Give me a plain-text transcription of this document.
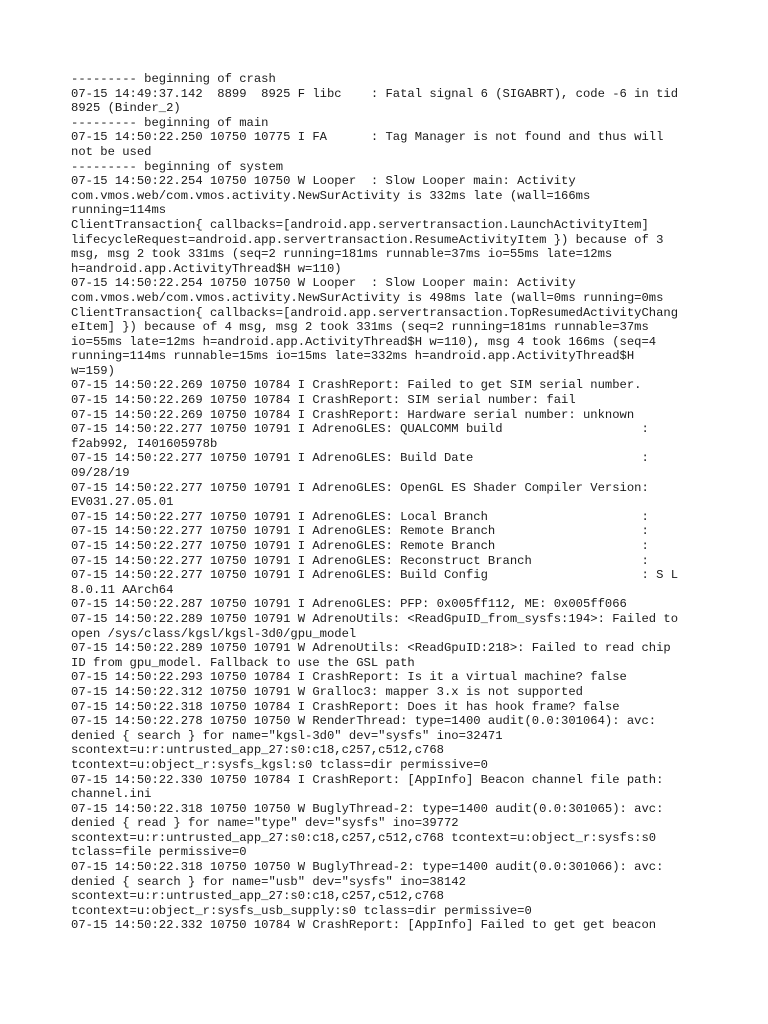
--------- beginning of crash
07-15 14:49:37.142  8899  8925 F libc    : Fatal signal 6 (SIGABRT), code -6 in tid
8925 (Binder_2)
--------- beginning of main
07-15 14:50:22.250 10750 10775 I FA      : Tag Manager is not found and thus will
not be used
--------- beginning of system
07-15 14:50:22.254 10750 10750 W Looper  : Slow Looper main: Activity
com.vmos.web/com.vmos.activity.NewSurActivity is 332ms late (wall=166ms
running=114ms
ClientTransaction{ callbacks=[android.app.servertransaction.LaunchActivityItem]
lifecycleRequest=android.app.servertransaction.ResumeActivityItem }) because of 3
msg, msg 2 took 331ms (seq=2 running=181ms runnable=37ms io=55ms late=12ms
h=android.app.ActivityThread$H w=110)
07-15 14:50:22.254 10750 10750 W Looper  : Slow Looper main: Activity
com.vmos.web/com.vmos.activity.NewSurActivity is 498ms late (wall=0ms running=0ms
ClientTransaction{ callbacks=[android.app.servertransaction.TopResumedActivityChang
eItem] }) because of 4 msg, msg 2 took 331ms (seq=2 running=181ms runnable=37ms
io=55ms late=12ms h=android.app.ActivityThread$H w=110), msg 4 took 166ms (seq=4
running=114ms runnable=15ms io=15ms late=332ms h=android.app.ActivityThread$H
w=159)
07-15 14:50:22.269 10750 10784 I CrashReport: Failed to get SIM serial number.
07-15 14:50:22.269 10750 10784 I CrashReport: SIM serial number: fail
07-15 14:50:22.269 10750 10784 I CrashReport: Hardware serial number: unknown
07-15 14:50:22.277 10750 10791 I AdrenoGLES: QUALCOMM build                   :
f2ab992, I401605978b
07-15 14:50:22.277 10750 10791 I AdrenoGLES: Build Date                       :
09/28/19
07-15 14:50:22.277 10750 10791 I AdrenoGLES: OpenGL ES Shader Compiler Version:
EV031.27.05.01
07-15 14:50:22.277 10750 10791 I AdrenoGLES: Local Branch                     :
07-15 14:50:22.277 10750 10791 I AdrenoGLES: Remote Branch                    :
07-15 14:50:22.277 10750 10791 I AdrenoGLES: Remote Branch                    :
07-15 14:50:22.277 10750 10791 I AdrenoGLES: Reconstruct Branch               :
07-15 14:50:22.277 10750 10791 I AdrenoGLES: Build Config                     : S L
8.0.11 AArch64
07-15 14:50:22.287 10750 10791 I AdrenoGLES: PFP: 0x005ff112, ME: 0x005ff066
07-15 14:50:22.289 10750 10791 W AdrenoUtils: <ReadGpuID_from_sysfs:194>: Failed to
open /sys/class/kgsl/kgsl-3d0/gpu_model
07-15 14:50:22.289 10750 10791 W AdrenoUtils: <ReadGpuID:218>: Failed to read chip
ID from gpu_model. Fallback to use the GSL path
07-15 14:50:22.293 10750 10784 I CrashReport: Is it a virtual machine? false
07-15 14:50:22.312 10750 10791 W Gralloc3: mapper 3.x is not supported
07-15 14:50:22.318 10750 10784 I CrashReport: Does it has hook frame? false
07-15 14:50:22.278 10750 10750 W RenderThread: type=1400 audit(0.0:301064): avc:
denied { search } for name="kgsl-3d0" dev="sysfs" ino=32471
scontext=u:r:untrusted_app_27:s0:c18,c257,c512,c768
tcontext=u:object_r:sysfs_kgsl:s0 tclass=dir permissive=0
07-15 14:50:22.330 10750 10784 I CrashReport: [AppInfo] Beacon channel file path:
channel.ini
07-15 14:50:22.318 10750 10750 W BuglyThread-2: type=1400 audit(0.0:301065): avc:
denied { read } for name="type" dev="sysfs" ino=39772
scontext=u:r:untrusted_app_27:s0:c18,c257,c512,c768 tcontext=u:object_r:sysfs:s0
tclass=file permissive=0
07-15 14:50:22.318 10750 10750 W BuglyThread-2: type=1400 audit(0.0:301066): avc:
denied { search } for name="usb" dev="sysfs" ino=38142
scontext=u:r:untrusted_app_27:s0:c18,c257,c512,c768
tcontext=u:object_r:sysfs_usb_supply:s0 tclass=dir permissive=0
07-15 14:50:22.332 10750 10784 W CrashReport: [AppInfo] Failed to get get beacon
